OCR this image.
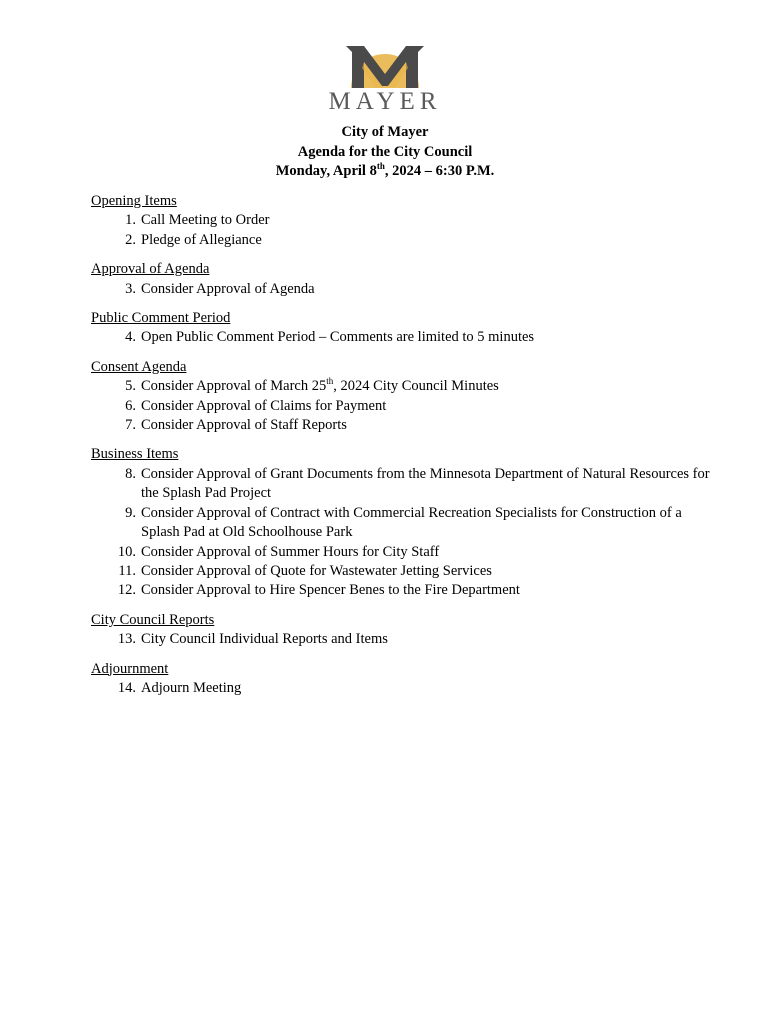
MAYER
City of Mayer
Agenda for the City Council
Monday, April 8th, 2024 – 6:30 P.M.
Opening Items
1. Call Meeting to Order
2. Pledge of Allegiance
Approval of Agenda
3. Consider Approval of Agenda
Public Comment Period
4. Open Public Comment Period – Comments are limited to 5 minutes
Consent Agenda
5. Consider Approval of March 25th, 2024 City Council Minutes
6. Consider Approval of Claims for Payment
7. Consider Approval of Staff Reports
Business Items
8. Consider Approval of Grant Documents from the Minnesota Department of Natural Resources for the Splash Pad Project
9. Consider Approval of Contract with Commercial Recreation Specialists for Construction of a Splash Pad at Old Schoolhouse Park
10. Consider Approval of Summer Hours for City Staff
11. Consider Approval of Quote for Wastewater Jetting Services
12. Consider Approval to Hire Spencer Benes to the Fire Department
City Council Reports
13. City Council Individual Reports and Items
Adjournment
14. Adjourn Meeting
